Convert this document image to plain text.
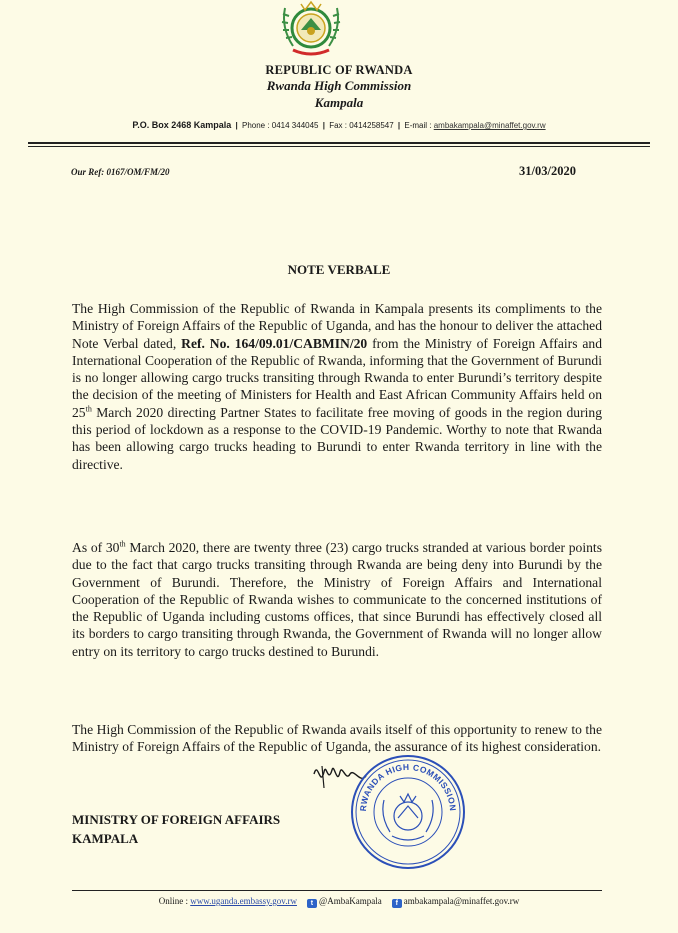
REPUBLIC OF RWANDA
Rwanda High Commission
Kampala
P.O. Box 2468 Kampala | Phone : 0414 344045 | Fax : 0414258547 | E-mail : ambakampala@minaffet.gov.rw
Our Ref: 0167/OM/FM/20	31/03/2020
NOTE VERBALE

The High Commission of the Republic of Rwanda in Kampala presents its compliments to the Ministry of Foreign Affairs of the Republic of Uganda, and has the honour to deliver the attached Note Verbal dated, Ref. No. 164/09.01/CABMIN/20 from the Ministry of Foreign Affairs and International Cooperation of the Republic of Rwanda, informing that the Government of Burundi is no longer allowing cargo trucks transiting through Rwanda to enter Burundi’s territory despite the decision of the meeting of Ministers for Health and East African Community Affairs held on 25th March 2020 directing Partner States to facilitate free moving of goods in the region during this period of lockdown as a response to the COVID-19 Pandemic. Worthy to note that Rwanda has been allowing cargo trucks heading to Burundi to enter Rwanda territory in line with the directive.

As of 30th March 2020, there are twenty three (23) cargo trucks stranded at various border points due to the fact that cargo trucks transiting through Rwanda are being deny into Burundi by the Government of Burundi. Therefore, the Ministry of Foreign Affairs and International Cooperation of the Republic of Rwanda wishes to communicate to the concerned institutions of the Republic of Uganda including customs offices, that since Burundi has effectively closed all its borders to cargo transiting through Rwanda, the Government of Rwanda will no longer allow entry on its territory to cargo trucks destined to Burundi.

The High Commission of the Republic of Rwanda avails itself of this opportunity to renew to the Ministry of Foreign Affairs of the Republic of Uganda, the assurance of its highest consideration.

RWANDA HIGH COMMISSION
MINISTRY OF FOREIGN AFFAIRS
KAMPALA
Online : www.uganda.embassy.gov.rw t @AmbaKampala f ambakampala@minaffet.gov.rw
